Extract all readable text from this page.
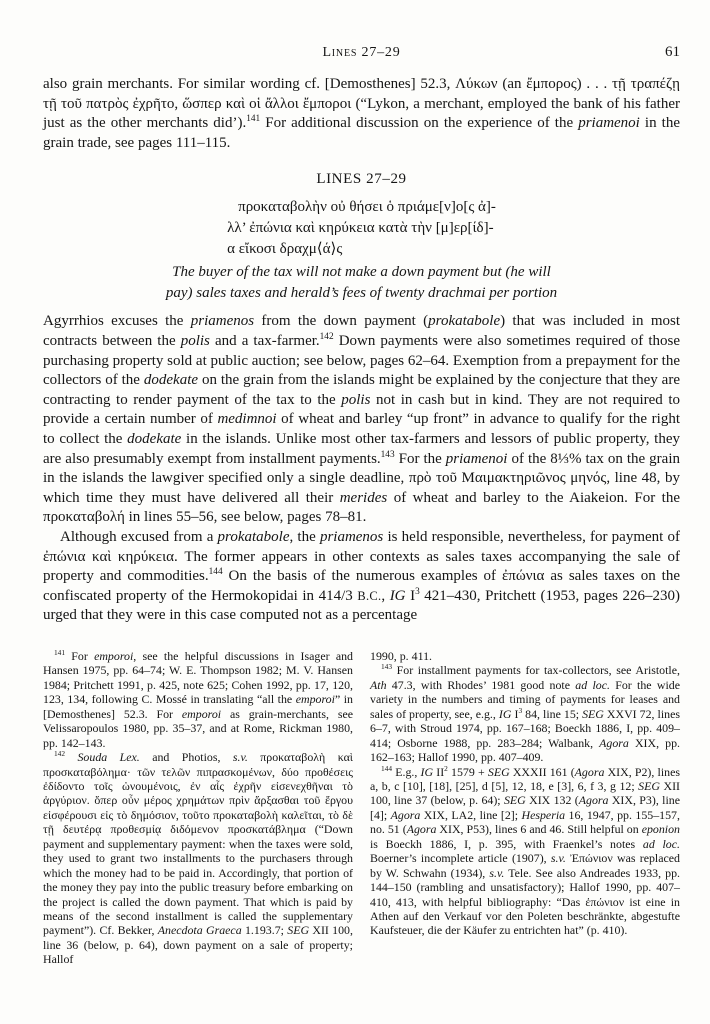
Lines 27–29	61

also grain merchants. For similar wording cf. [Demosthenes] 52.3, Λύκων (an ἔμπορος) . . . τῇ τραπέζῃ τῇ τοῦ πατρὸς ἐχρῆτο, ὥσπερ καὶ οἱ ἄλλοι ἔμποροι (“Lykon, a merchant, employed the bank of his father just as the other merchants did’).$^{141}$ For additional discussion on the experience of the priamenoi in the grain trade, see pages 111–115.

LINES 27–29
προκαταβολὴν οὐ θήσει ὁ πριάμε[ν]ο[ς ἀ]-
λλ’ ἐπώνια καὶ κηρύκεια κατὰ τὴν [μ]ερ[ίδ]-
α εἴκοσι δραχμ⟨ά⟩ς
The buyer of the tax will not make a down payment but (he will
pay) sales taxes and herald’s fees of twenty drachmai per portion

Agyrrhios excuses the priamenos from the down payment (prokatabole) that was included in most contracts between the polis and a tax-farmer.$^{142}$ Down payments were also sometimes required of those purchasing property sold at public auction; see below, pages 62–64. Exemption from a prepayment for the collectors of the dodekate on the grain from the islands might be explained by the conjecture that they are contracting to render payment of the tax to the polis not in cash but in kind. They are not required to provide a certain number of medimnoi of wheat and barley “up front” in advance to qualify for the right to collect the dodekate in the islands. Unlike most other tax-farmers and lessors of public property, they are also presumably exempt from installment payments.$^{143}$ For the priamenoi of the 8⅓% tax on the grain in the islands the lawgiver specified only a single deadline, πρὸ τοῦ Μαιμακτηριῶνος μηνός, line 48, by which time they must have delivered all their merides of wheat and barley to the Aiakeion. For the προκαταβολή in lines 55–56, see below, pages 78–81.

Although excused from a prokatabole, the priamenos is held responsible, nevertheless, for payment of ἐπώνια καὶ κηρύκεια. The former appears in other contexts as sales taxes accompanying the sale of property and commodities.$^{144}$ On the basis of the numerous examples of ἐπώνια as sales taxes on the confiscated property of the Hermokopidai in 414/3 B.C., IG $I^3$ 421–430, Pritchett (1953, pages 226–230) urged that they were in this case computed not as a percentage

$^{141}$ For emporoi, see the helpful discussions in Isager and Hansen 1975, pp. 64–74; W. E. Thompson 1982; M. V. Hansen 1984; Pritchett 1991, p. 425, note 625; Cohen 1992, pp. 17, 120, 123, 134, following C. Mossé in translating “all the emporoi” in [Demosthenes] 52.3. For emporoi as grain-merchants, see Velissaropoulos 1980, pp. 35–37, and at Rome, Rickman 1980, pp. 142–143.

$^{142}$ Souda Lex. and Photios, s.v. προκαταβολὴ καὶ προσκαταβόλημα· τῶν τελῶν πιπρασκομένων, δύο προθέσεις ἐδίδοντο τοῖς ὠνουμένοις, ἐν αἷς ἐχρῆν εἰσενεχθῆναι τὸ ἀργύριον. ὅπερ οὖν μέρος χρημάτων πρὶν ἄρξασθαι τοῦ ἔργου εἰσφέρουσι εἰς τὸ δημόσιον, τοῦτο προκαταβολὴ καλεῖται, τὸ δὲ τῇ δευτέρᾳ προθεσμίᾳ διδόμενον προσκατάβλημα (“Down payment and supplementary payment: when the taxes were sold, they used to grant two installments to the purchasers through which the money had to be paid in. Accordingly, that portion of the money they pay into the public treasury before embarking on the project is called the down payment. That which is paid by means of the second installment is called the supplementary payment”). Cf. Bekker, Anecdota Graeca 1.193.7; SEG XII 100, line 36 (below, p. 64), down payment on a sale of property; Hallof

1990, p. 411.

$^{143}$ For installment payments for tax-collectors, see Aristotle, Ath 47.3, with Rhodes’ 1981 good note ad loc. For the wide variety in the numbers and timing of payments for leases and sales of property, see, e.g., IG $I^3$ 84, line 15; SEG XXVI 72, lines 6–7, with Stroud 1974, pp. 167–168; Boeckh 1886, I, pp. 409–414; Osborne 1988, pp. 283–284; Walbank, Agora XIX, pp. 162–163; Hallof 1990, pp. 407–409.

$^{144}$ E.g., IG $II^2$ 1579 + SEG XXXII 161 (Agora XIX, P2), lines a, b, c [10], [18], [25], d [5], 12, 18, e [3], 6, f 3, g 12; SEG XII 100, line 37 (below, p. 64); SEG XIX 132 (Agora XIX, P3), line [4]; Agora XIX, LA2, line [2]; Hesperia 16, 1947, pp. 155–157, no. 51 (Agora XIX, P53), lines 6 and 46. Still helpful on eponion is Boeckh 1886, I, p. 395, with Fraenkel’s notes ad loc. Boerner’s incomplete article (1907), s.v. Ἐπώνιον was replaced by W. Schwahn (1934), s.v. Tele. See also Andreades 1933, pp. 144–150 (rambling and unsatisfactory); Hallof 1990, pp. 407–410, 413, with helpful bibliography: “Das ἐπώνιον ist eine in Athen auf den Verkauf vor den Poleten beschränkte, abgestufte Kaufsteuer, die der Käufer zu entrichten hat” (p. 410).
